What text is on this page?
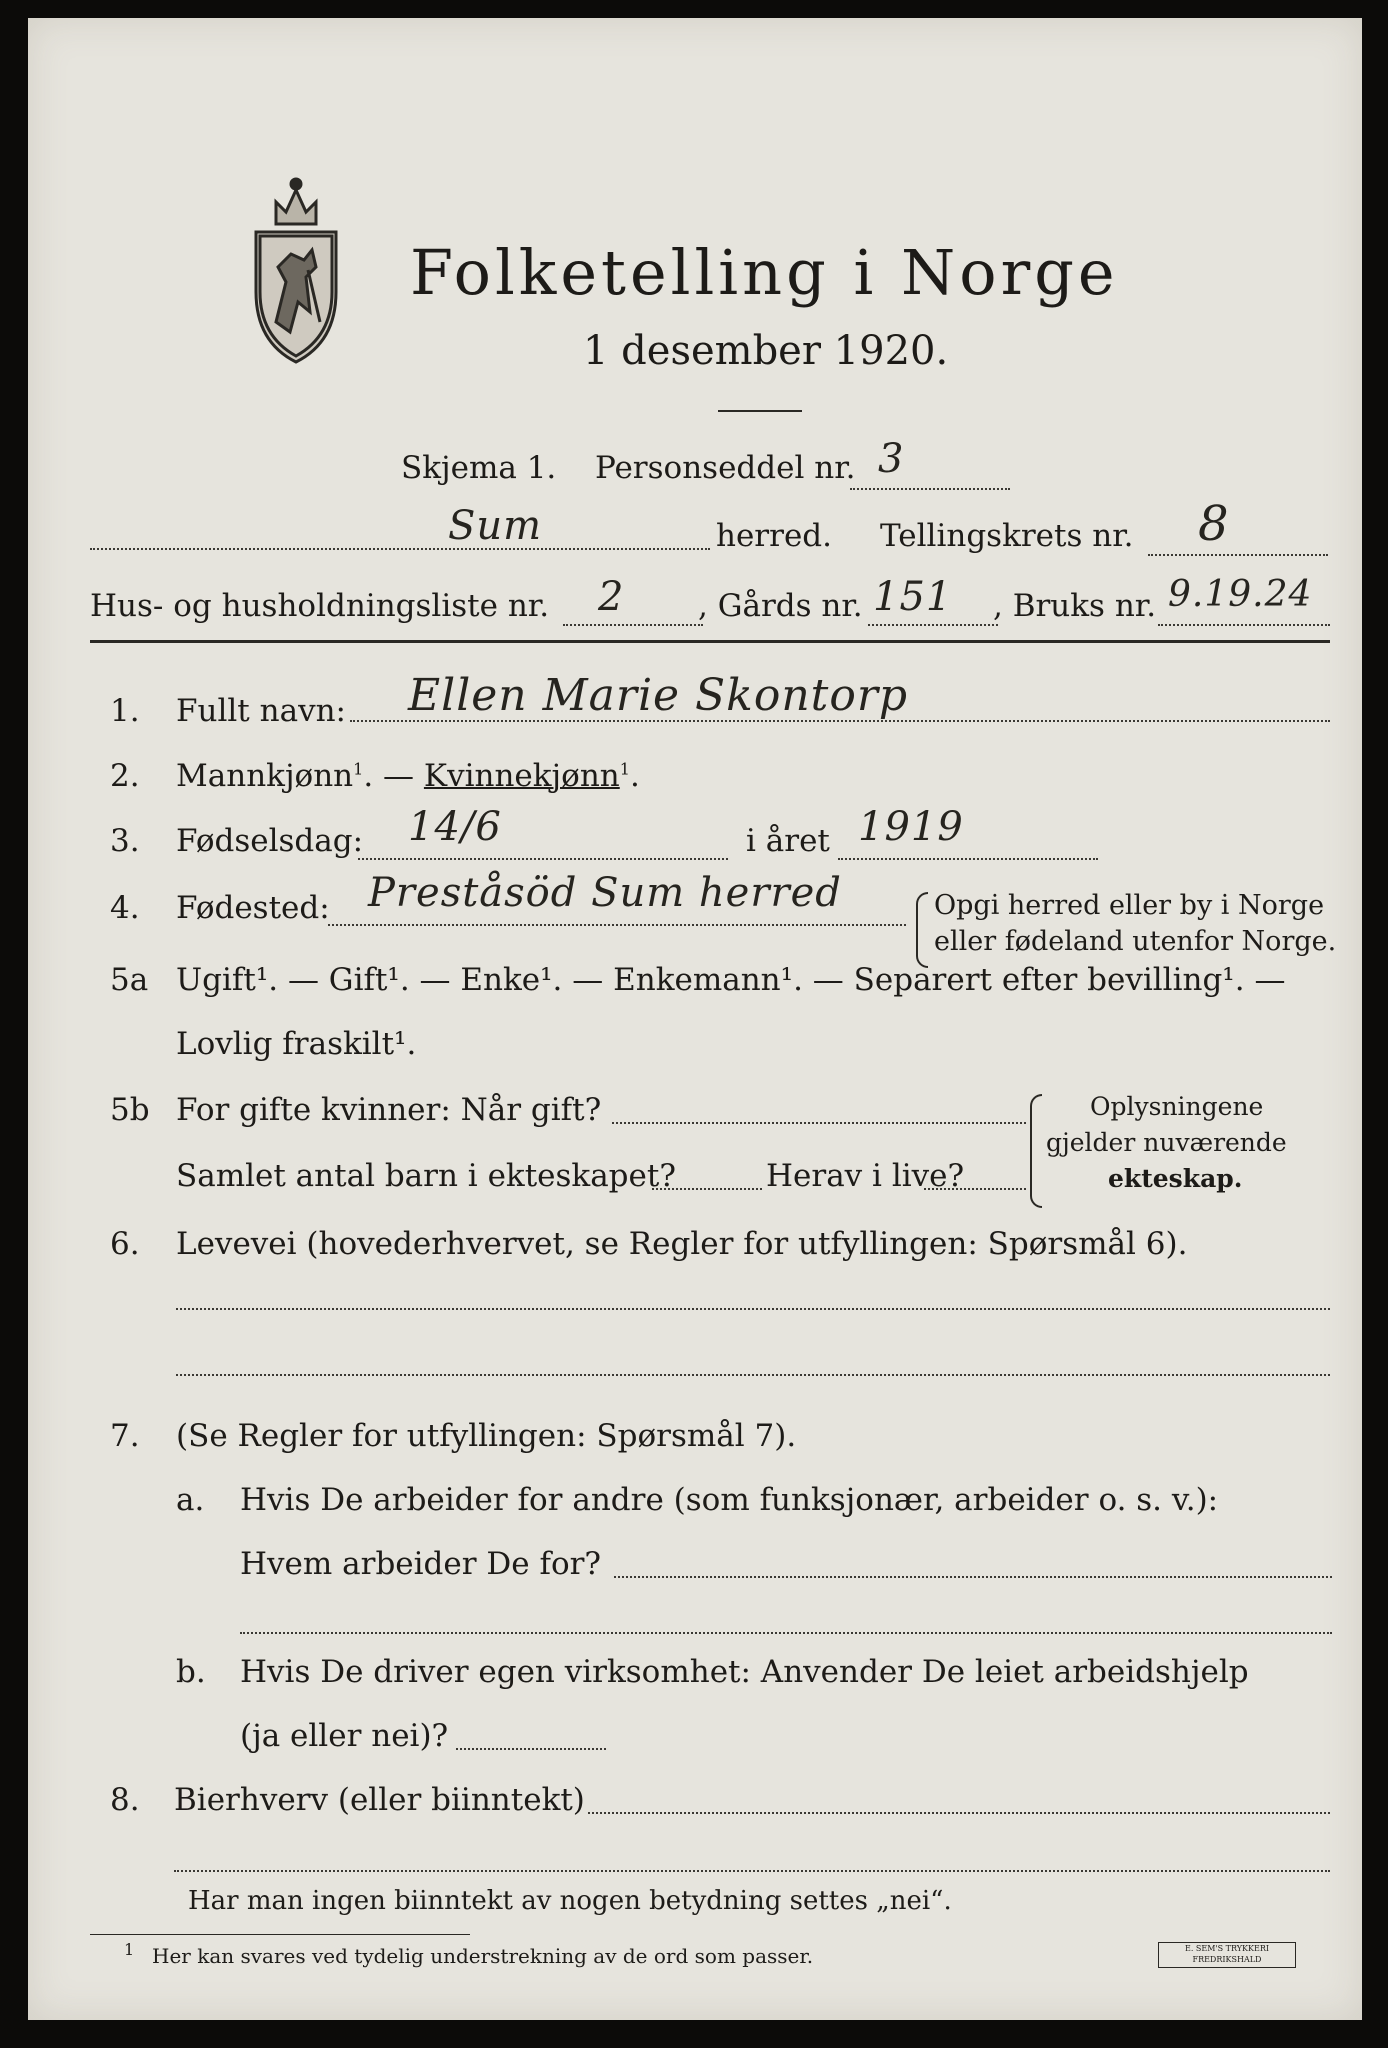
Folketelling i Norge
1 desember 1920.
Skjema 1. Personseddel nr. 3
Sum	herred. Tellingskrets nr. 8
Hus- og husholdningsliste nr. 2 , Gårds nr. 151 , Bruks nr. 9.19.24
1. Fullt navn: Ellen Marie Skontorp
2. Mannkjønn$^1$. — Kvinnekjønn$^1$.
3. Fødselsdag: 14/6	i året 1919
4. Fødested: Preståsöd Sum herred	Opgi herred eller by i Norge
eller fødeland utenfor Norge.
5a Ugift¹. — Gift¹. — Enke¹. — Enkemann¹. — Separert efter bevilling¹. —
Lovlig fraskilt¹.
5b For gifte kvinner: Når gift?
Samlet antal barn i ekteskapet?	Herav i live?
Oplysningene
gjelder nuværende
ekteskap.
6. Levevei (hovederhvervet, se Regler for utfyllingen: Spørsmål 6).
7. (Se Regler for utfyllingen: Spørsmål 7).
a. Hvis De arbeider for andre (som funksjonær, arbeider o. s. v.):
Hvem arbeider De for?
b. Hvis De driver egen virksomhet: Anvender De leiet arbeidshjelp
(ja eller nei)?
8. Bierhverv (eller biinntekt)
Har man ingen biinntekt av nogen betydning settes „nei“.
1 Her kan svares ved tydelig understrekning av de ord som passer.	E. SEM'S TRYKKERI FREDRIKSHALD
